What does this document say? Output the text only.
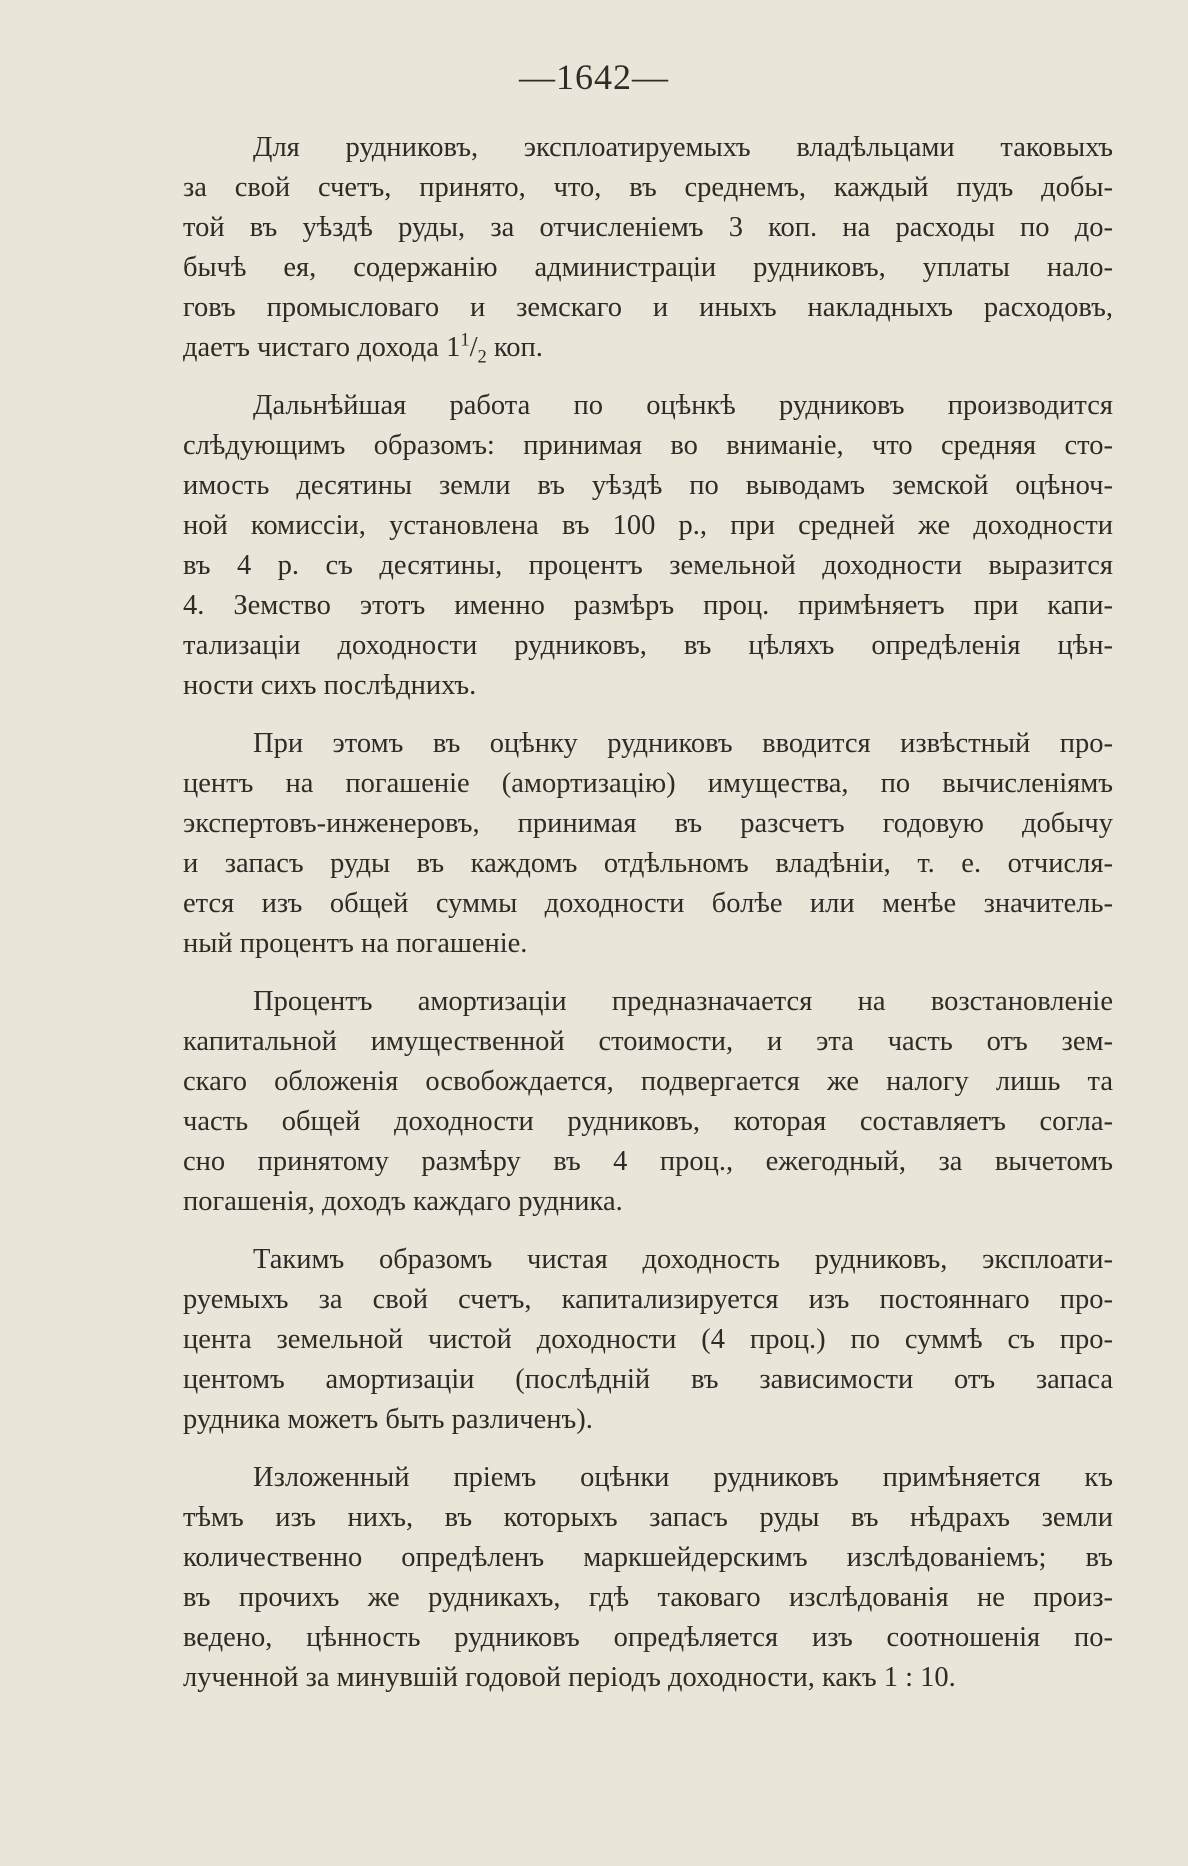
—1642—
Для рудниковъ, эксплоатируемыхъ владѣльцами таковыхъ
за свой счетъ, принято, что, въ среднемъ, каждый пудъ добы-
той въ уѣздѣ руды, за отчисленіемъ 3 коп. на расходы по до-
бычѣ ея, содержанію администраціи рудниковъ, уплаты нало-
говъ промысловаго и земскаго и иныхъ накладныхъ расходовъ,
даетъ чистаго дохода $1^1/_2$ коп.
Дальнѣйшая работа по оцѣнкѣ рудниковъ производится
слѣдующимъ образомъ: принимая во вниманіе, что средняя сто-
имость десятины земли въ уѣздѣ по выводамъ земской оцѣноч-
ной комиссіи, установлена въ 100 р., при средней же доходности
въ 4 р. съ десятины, процентъ земельной доходности выразится
4. Земство этотъ именно размѣръ проц. примѣняетъ при капи-
тализаціи доходности рудниковъ, въ цѣляхъ опредѣленія цѣн-
ности сихъ послѣднихъ.
При этомъ въ оцѣнку рудниковъ вводится извѣстный про-
центъ на погашеніе (амортизацію) имущества, по вычисленіямъ
экспертовъ-инженеровъ, принимая въ разсчетъ годовую добычу
и запасъ руды въ каждомъ отдѣльномъ владѣніи, т. е. отчисля-
ется изъ общей суммы доходности болѣе или менѣе значитель-
ный процентъ на погашеніе.
Процентъ амортизаціи предназначается на возстановленіе
капитальной имущественной стоимости, и эта часть отъ зем-
скаго обложенія освобождается, подвергается же налогу лишь та
часть общей доходности рудниковъ, которая составляетъ согла-
сно принятому размѣру въ 4 проц., ежегодный, за вычетомъ
погашенія, доходъ каждаго рудника.
Такимъ образомъ чистая доходность рудниковъ, эксплоати-
руемыхъ за свой счетъ, капитализируется изъ постояннаго про-
цента земельной чистой доходности (4 проц.) по суммѣ съ про-
центомъ амортизаціи (послѣдній въ зависимости отъ запаса
рудника можетъ быть различенъ).
Изложенный пріемъ оцѣнки рудниковъ примѣняется къ
тѣмъ изъ нихъ, въ которыхъ запасъ руды въ нѣдрахъ земли
количественно опредѣленъ маркшейдерскимъ изслѣдованіемъ; въ
въ прочихъ же рудникахъ, гдѣ таковаго изслѣдованія не произ-
ведено, цѣнность рудниковъ опредѣляется изъ соотношенія по-
лученной за минувшій годовой періодъ доходности, какъ 1 : 10.
